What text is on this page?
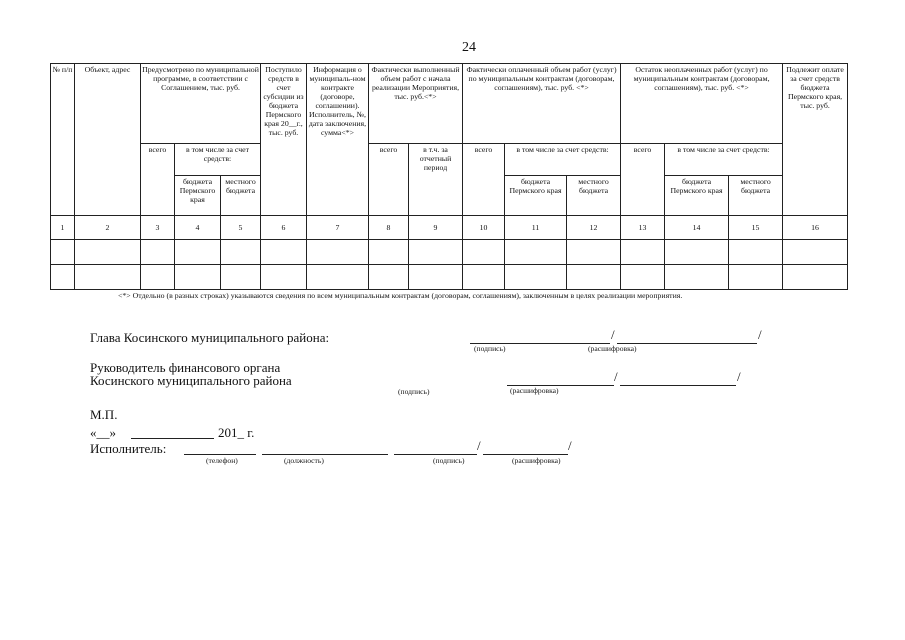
24
№ п/п	Объект, адрес	Предусмотрено по муниципальной программе, в соответствии с Соглашением, тыс. руб.			Поступило средств в счет субсидии из бюджета Пермского края 20__г., тыс. руб.	Информация о муниципаль-ном контракте (договоре, соглашении). Исполнитель, №, дата заключения, сумма<*>	Фактически выполненный объем работ с начала реализации Мероприятия, тыс. руб.<*>		Фактически оплаченный объем работ (услуг) по муниципальным контрактам (договорам, соглашениям), тыс. руб. <*>			Остаток неоплаченных работ (услуг) по муниципальным контрактам (договорам, соглашениям), тыс. руб. <*>			Подлежит оплате за счет средств бюджета Пермского края, тыс. руб.
		всего	в том числе за счет средств:				всего	в т.ч. за отчетный период	всего	в том числе за счет средств:		всего	в том числе за счет средств:		
			бюджета Пермского края	местного бюджета						бюджета Пермского края	местного бюджета		бюджета Пермского края	местного бюджета	
1	2	3	4	5	6	7	8	9	10	11	12	13	14	15	16

<*> Отдельно (в разных строках) указываются сведения по всем муниципальным контрактам (договорам, соглашениям), заключенным в целях реализации мероприятия.
Глава Косинского муниципального района:	/	/
(подпись)	(расшифровка)
Руководитель финансового органа
Косинского муниципального района	/	/
(подпись)	(расшифровка)
М.П.
«__»	201_ г.
Исполнитель:	/	/
(телефон)	(должность)	(подпись)	(расшифровка)
